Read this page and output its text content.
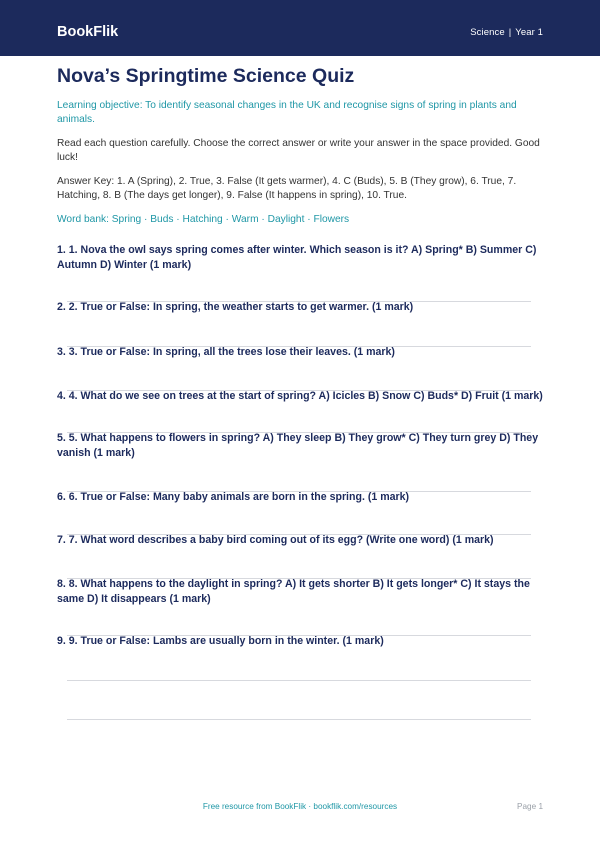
BookFlik	Science | Year 1
Nova’s Springtime Science Quiz

Learning objective: To identify seasonal changes in the UK and recognise signs of spring in plants and animals.

Read each question carefully. Choose the correct answer or write your answer in the space provided. Good luck!

Answer Key: 1. A (Spring), 2. True, 3. False (It gets warmer), 4. C (Buds), 5. B (They grow), 6. True, 7. Hatching, 8. B (The days get longer), 9. False (It happens in spring), 10. True.

Word bank: Spring · Buds · Hatching · Warm · Daylight · Flowers

1. 1. Nova the owl says spring comes after winter. Which season is it? A) Spring* B) Summer C) Autumn D) Winter (1 mark)

2. 2. True or False: In spring, the weather starts to get warmer. (1 mark)

3. 3. True or False: In spring, all the trees lose their leaves. (1 mark)

4. 4. What do we see on trees at the start of spring? A) Icicles B) Snow C) Buds* D) Fruit (1 mark)

5. 5. What happens to flowers in spring? A) They sleep B) They grow* C) They turn grey D) They vanish (1 mark)

6. 6. True or False: Many baby animals are born in the spring. (1 mark)

7. 7. What word describes a baby bird coming out of its egg? (Write one word) (1 mark)

8. 8. What happens to the daylight in spring? A) It gets shorter B) It gets longer* C) It stays the same D) It disappears (1 mark)

9. 9. True or False: Lambs are usually born in the winter. (1 mark)

Free resource from BookFlik · bookflik.com/resources	Page 1
